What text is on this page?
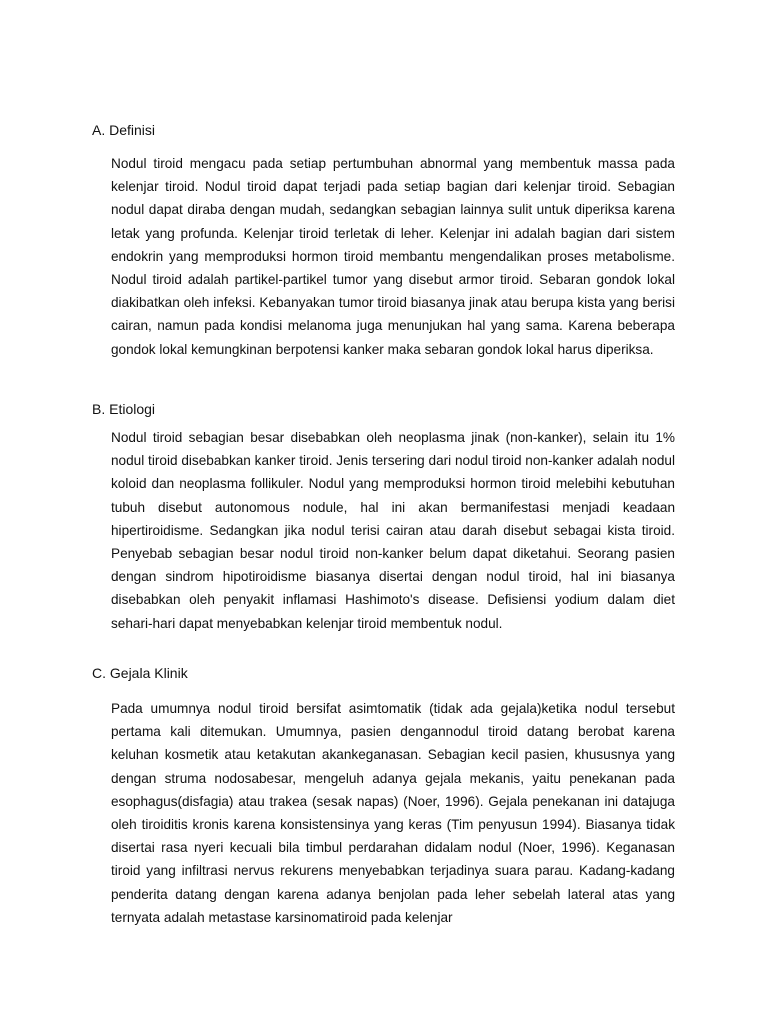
A. Definisi
Nodul tiroid mengacu pada setiap pertumbuhan abnormal yang membentuk massa pada kelenjar tiroid. Nodul tiroid dapat terjadi pada setiap bagian dari kelenjar tiroid. Sebagian nodul dapat diraba dengan mudah, sedangkan sebagian lainnya sulit untuk diperiksa karena letak yang profunda. Kelenjar tiroid terletak di leher. Kelenjar ini adalah bagian dari sistem endokrin yang memproduksi hormon tiroid membantu mengendalikan proses metabolisme. Nodul tiroid adalah partikel-partikel tumor yang disebut armor tiroid. Sebaran gondok lokal diakibatkan oleh infeksi. Kebanyakan tumor tiroid biasanya jinak atau berupa kista yang berisi cairan, namun pada kondisi melanoma juga menunjukan hal yang sama. Karena beberapa gondok lokal kemungkinan berpotensi kanker maka sebaran gondok lokal harus diperiksa.
B. Etiologi
Nodul tiroid sebagian besar disebabkan oleh neoplasma jinak (non-kanker), selain itu 1% nodul tiroid disebabkan kanker tiroid. Jenis tersering dari nodul tiroid non-kanker adalah nodul koloid dan neoplasma follikuler. Nodul yang memproduksi hormon tiroid melebihi kebutuhan tubuh disebut autonomous nodule, hal ini akan bermanifestasi menjadi keadaan hipertiroidisme. Sedangkan jika nodul terisi cairan atau darah disebut sebagai kista tiroid. Penyebab sebagian besar nodul tiroid non-kanker belum dapat diketahui. Seorang pasien dengan sindrom hipotiroidisme biasanya disertai dengan nodul tiroid, hal ini biasanya disebabkan oleh penyakit inflamasi Hashimoto's disease. Defisiensi yodium dalam diet sehari-hari dapat menyebabkan kelenjar tiroid membentuk nodul.
C. Gejala Klinik
Pada umumnya nodul tiroid bersifat asimtomatik (tidak ada gejala)ketika nodul tersebut pertama kali ditemukan. Umumnya, pasien dengannodul tiroid datang berobat karena keluhan kosmetik atau ketakutan akankeganasan. Sebagian kecil pasien, khususnya yang dengan struma nodosabesar, mengeluh adanya gejala mekanis, yaitu penekanan pada esophagus(disfagia) atau trakea (sesak napas) (Noer, 1996). Gejala penekanan ini datajuga oleh tiroiditis kronis karena konsistensinya yang keras (Tim penyusun 1994). Biasanya tidak disertai rasa nyeri kecuali bila timbul perdarahan didalam nodul (Noer, 1996). Keganasan tiroid yang infiltrasi nervus rekurens menyebabkan terjadinya suara parau. Kadang-kadang penderita datang dengan karena adanya benjolan pada leher sebelah lateral atas yang ternyata adalah metastase karsinomatiroid pada kelenjar
